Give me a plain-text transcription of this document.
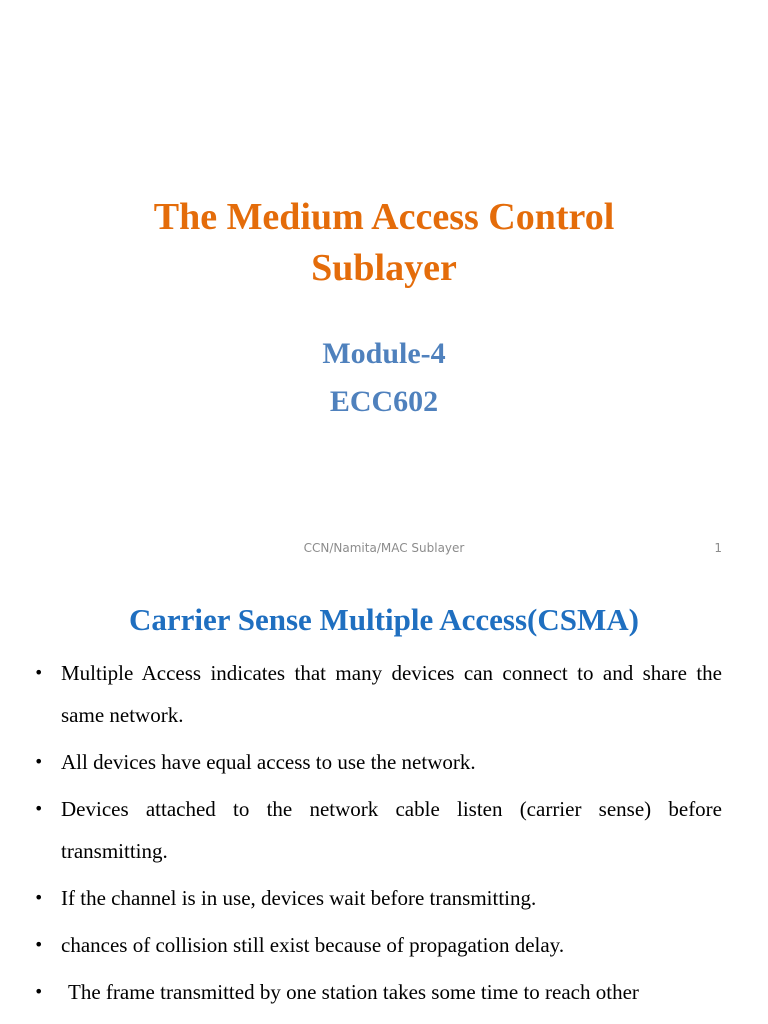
The Medium Access Control
Sublayer
Module-4
ECC602
CCN/Namita/MAC Sublayer	1
Carrier Sense Multiple Access(CSMA)
• Multiple Access indicates that many devices can connect to and share the same network.
• All devices have equal access to use the network.
• Devices attached to the network cable listen (carrier sense) before transmitting.
• If the channel is in use, devices wait before transmitting.
• chances of collision still exist because of propagation delay.
•	The frame transmitted by one station takes some time to reach other
